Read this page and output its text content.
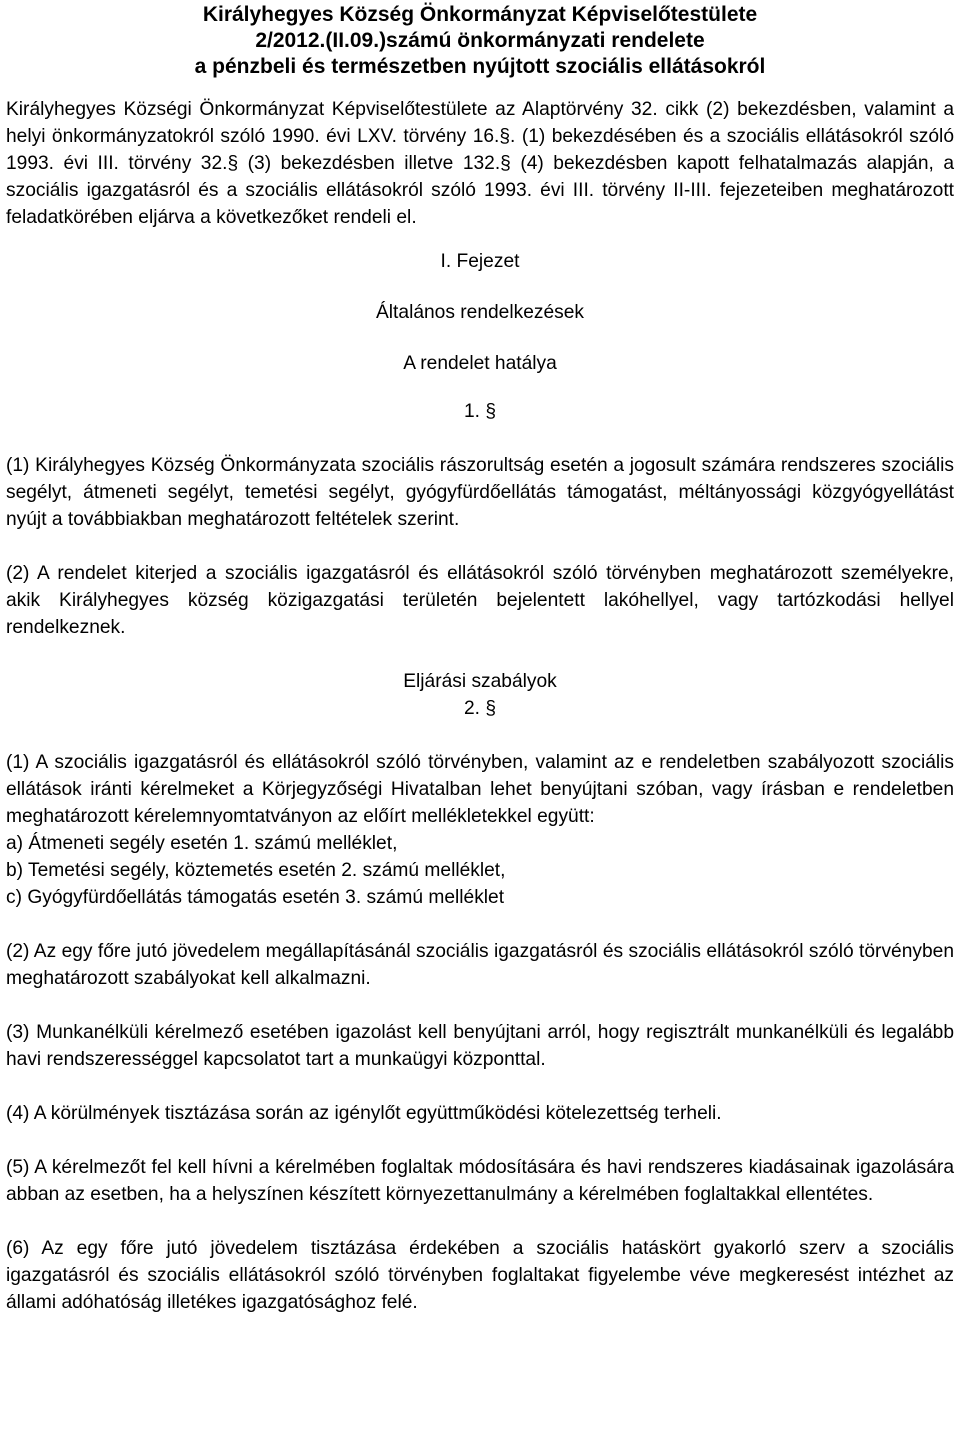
Királyhegyes Község Önkormányzat Képviselőtestülete
2/2012.(II.09.)számú önkormányzati rendelete
a pénzbeli és természetben nyújtott szociális ellátásokról

Királyhegyes Községi Önkormányzat Képviselőtestülete az Alaptörvény 32. cikk (2) bekezdésben, valamint a helyi önkormányzatokról szóló 1990. évi LXV. törvény 16.§. (1) bekezdésében és a szociális ellátásokról szóló 1993. évi III. törvény 32.§ (3) bekezdésben illetve 132.§ (4) bekezdésben kapott felhatalmazás alapján, a szociális igazgatásról és a szociális ellátásokról szóló 1993. évi III. törvény II-III. fejezeteiben meghatározott feladatkörében eljárva a következőket rendeli el.

I. Fejezet
Általános rendelkezések
A rendelet hatálya
1. §

(1) Királyhegyes Község Önkormányzata szociális rászorultság esetén a jogosult számára rendszeres szociális segélyt, átmeneti segélyt, temetési segélyt, gyógyfürdőellátás támogatást, méltányossági közgyógyellátást nyújt a továbbiakban meghatározott feltételek szerint.

(2) A rendelet kiterjed a szociális igazgatásról és ellátásokról szóló törvényben meghatározott személyekre, akik Királyhegyes község közigazgatási területén bejelentett lakóhellyel, vagy tartózkodási hellyel rendelkeznek.

Eljárási szabályok
2. §

(1) A szociális igazgatásról és ellátásokról szóló törvényben, valamint az e rendeletben szabályozott szociális ellátások iránti kérelmeket a Körjegyzőségi Hivatalban lehet benyújtani szóban, vagy írásban e rendeletben meghatározott kérelemnyomtatványon az előírt mellékletekkel együtt:

a) Átmeneti segély esetén 1. számú melléklet,
b) Temetési segély, köztemetés esetén 2. számú melléklet,
c) Gyógyfürdőellátás támogatás esetén 3. számú melléklet

(2) Az egy főre jutó jövedelem megállapításánál szociális igazgatásról és szociális ellátásokról szóló törvényben meghatározott szabályokat kell alkalmazni.

(3) Munkanélküli kérelmező esetében igazolást kell benyújtani arról, hogy regisztrált munkanélküli és legalább havi rendszerességgel kapcsolatot tart a munkaügyi központtal.

(4) A körülmények tisztázása során az igénylőt együttműködési kötelezettség terheli.

(5) A kérelmezőt fel kell hívni a kérelmében foglaltak módosítására és havi rendszeres kiadásainak igazolására abban az esetben, ha a helyszínen készített környezettanulmány a kérelmében foglaltakkal ellentétes.

(6) Az egy főre jutó jövedelem tisztázása érdekében a szociális hatáskört gyakorló szerv a szociális igazgatásról és szociális ellátásokról szóló törvényben foglaltakat figyelembe véve megkeresést intézhet az állami adóhatóság illetékes igazgatósághoz felé.
